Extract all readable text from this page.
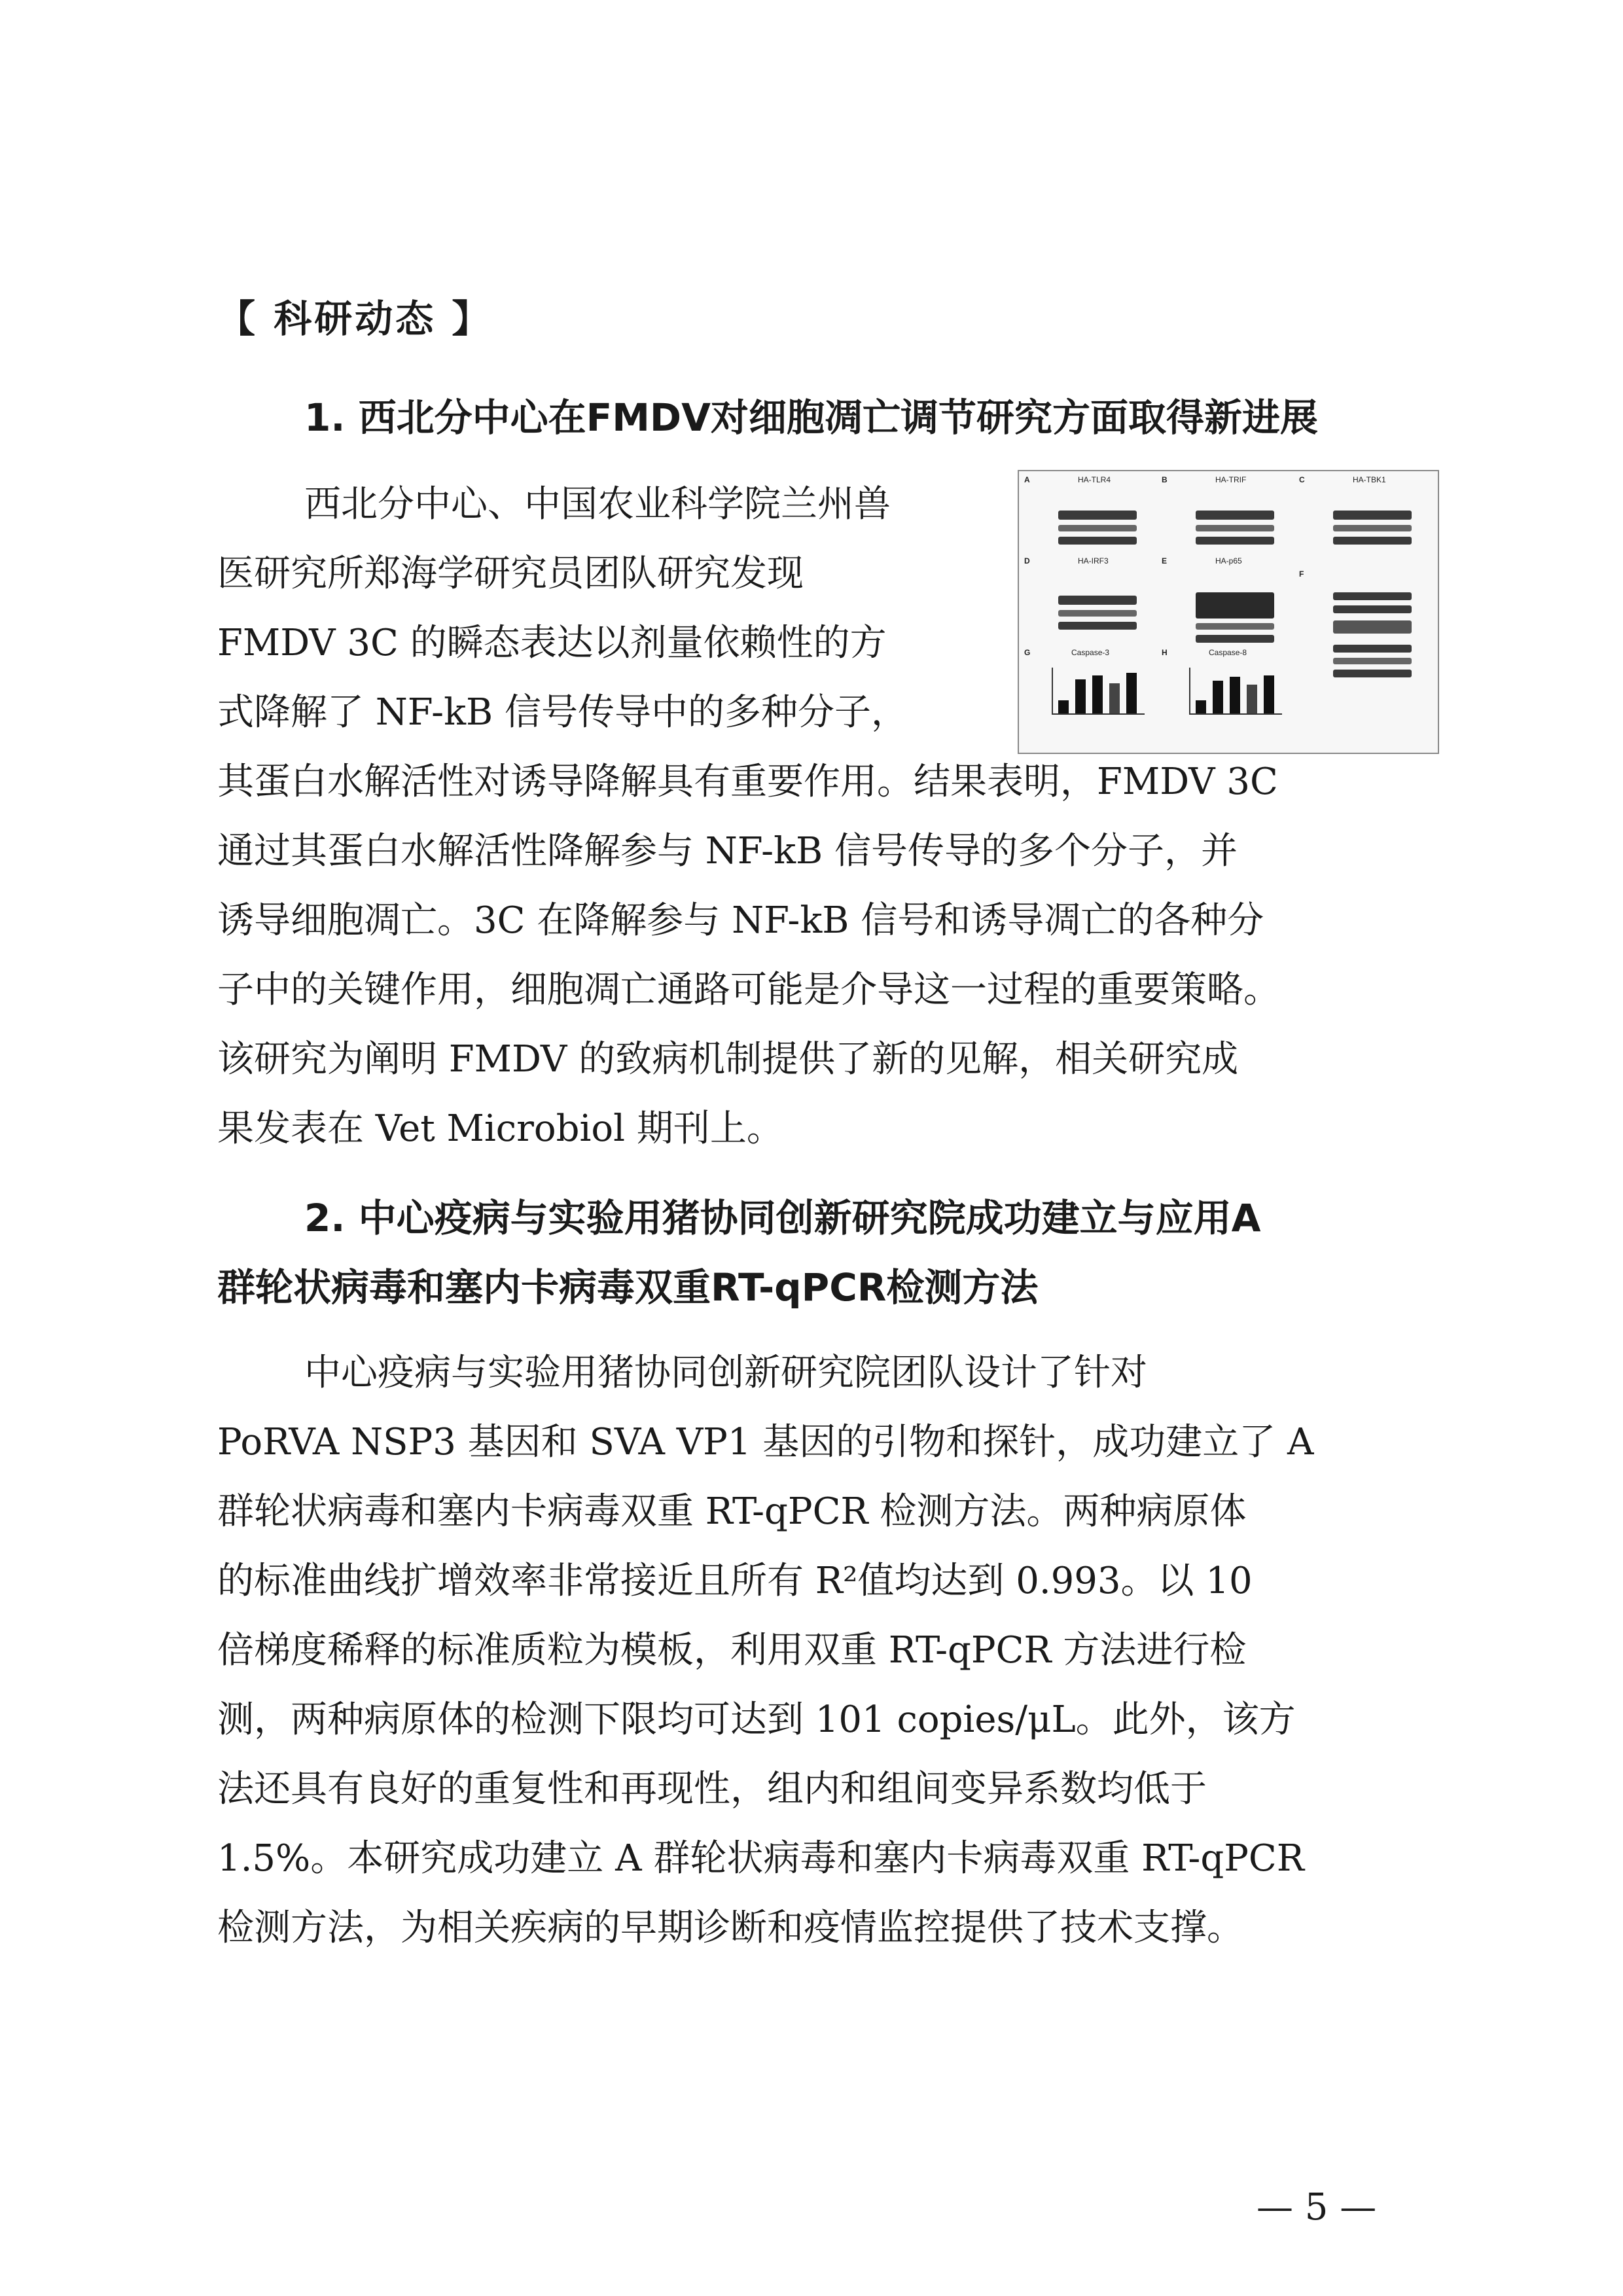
【 科研动态 】
1. 西北分中心在FMDV对细胞凋亡调节研究方面取得新进展
西北分中心、中国农业科学院兰州兽
医研究所郑海学研究员团队研究发现
FMDV 3C 的瞬态表达以剂量依赖性的方
式降解了 NF-kB 信号传导中的多种分子，
其蛋白水解活性对诱导降解具有重要作用。结果表明，FMDV 3C
通过其蛋白水解活性降解参与 NF-kB 信号传导的多个分子，并
诱导细胞凋亡。3C 在降解参与 NF-kB 信号和诱导凋亡的各种分
子中的关键作用，细胞凋亡通路可能是介导这一过程的重要策略。
该研究为阐明 FMDV 的致病机制提供了新的见解，相关研究成
果发表在 Vet Microbiol 期刊上。
A	HA-TLR4	B	HA-TRIF	C	HA-TBK1
D	HA-IRF3	E	HA-p65
F
G	Caspase-3	H	Caspase-8
2. 中心疫病与实验用猪协同创新研究院成功建立与应用A
群轮状病毒和塞内卡病毒双重RT-qPCR检测方法
中心疫病与实验用猪协同创新研究院团队设计了针对
PoRVA NSP3 基因和 SVA VP1 基因的引物和探针，成功建立了 A
群轮状病毒和塞内卡病毒双重 RT-qPCR 检测方法。两种病原体
的标准曲线扩增效率非常接近且所有 R²值均达到 0.993。以 10
倍梯度稀释的标准质粒为模板，利用双重 RT-qPCR 方法进行检
测，两种病原体的检测下限均可达到 101 copies/μL。此外，该方
法还具有良好的重复性和再现性，组内和组间变异系数均低于
1.5%。本研究成功建立 A 群轮状病毒和塞内卡病毒双重 RT-qPCR
检测方法，为相关疾病的早期诊断和疫情监控提供了技术支撑。
— 5 —
